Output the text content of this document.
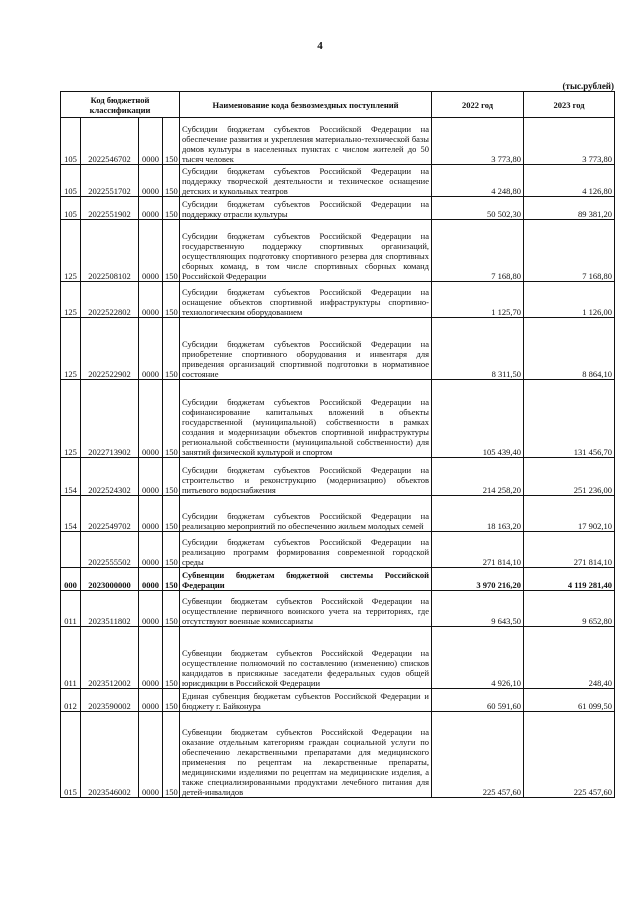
4
(тыс.рублей)
Код бюджетной классификации				Наименование кода безвозмездных поступлений	2022 год	2023 год
105	2022546702	0000	150	Субсидии бюджетам субъектов Российской Федерации на обеспечение развития и укрепления материально-технической базы домов культуры в населенных пунктах с числом жителей до 50 тысяч человек	3 773,80	3 773,80
105	2022551702	0000	150	Субсидии бюджетам субъектов Российской Федерации на поддержку творческой деятельности и техническое оснащение детских и кукольных театров	4 248,80	4 126,80
105	2022551902	0000	150	Субсидии бюджетам субъектов Российской Федерации на поддержку отрасли культуры	50 502,30	89 381,20
125	2022508102	0000	150	Субсидии бюджетам субъектов Российской Федерации на государственную поддержку спортивных организаций, осуществляющих подготовку спортивного резерва для спортивных сборных команд, в том числе спортивных сборных команд Российской Федерации	7 168,80	7 168,80
125	2022522802	0000	150	Субсидии бюджетам субъектов Российской Федерации на оснащение объектов спортивной инфраструктуры спортивно-технологическим оборудованием	1 125,70	1 126,00
125	2022522902	0000	150	Субсидии бюджетам субъектов Российской Федерации на приобретение спортивного оборудования и инвентаря для приведения организаций спортивной подготовки в нормативное состояние	8 311,50	8 864,10
125	2022713902	0000	150	Субсидии бюджетам субъектов Российской Федерации на софинансирование капитальных вложений в объекты государственной (муниципальной) собственности в рамках создания и модернизации объектов спортивной инфраструктуры региональной собственности (муниципальной собственности) для занятий физической культурой и спортом	105 439,40	131 456,70
154	2022524302	0000	150	Субсидии бюджетам субъектов Российской Федерации на строительство и реконструкцию (модернизацию) объектов питьевого водоснабжения	214 258,20	251 236,00
154	2022549702	0000	150	Субсидии бюджетам субъектов Российской Федерации на реализацию мероприятий по обеспечению жильем молодых семей	18 163,20	17 902,10
	2022555502	0000	150	Субсидии бюджетам субъектов Российской Федерации на реализацию программ формирования современной городской среды	271 814,10	271 814,10
000	2023000000	0000	150	Субвенции бюджетам бюджетной системы Российской Федерации	3 970 216,20	4 119 281,40
011	2023511802	0000	150	Субвенции бюджетам субъектов Российской Федерации на осуществление первичного воинского учета на территориях, где отсутствуют военные комиссариаты	9 643,50	9 652,80
011	2023512002	0000	150	Субвенции бюджетам субъектов Российской Федерации на осуществление полномочий по составлению (изменению) списков кандидатов в присяжные заседатели федеральных судов общей юрисдикции в Российской Федерации	4 926,10	248,40
012	2023590002	0000	150	Единая субвенция бюджетам субъектов Российской Федерации и бюджету г. Байконура	60 591,60	61 099,50
015	2023546002	0000	150	Субвенции бюджетам субъектов Российской Федерации на оказание отдельным категориям граждан социальной услуги по обеспечению лекарственными препаратами для медицинского применения по рецептам на лекарственные препараты, медицинскими изделиями по рецептам на медицинские изделия, а также специализированными продуктами лечебного питания для детей-инвалидов	225 457,60	225 457,60
